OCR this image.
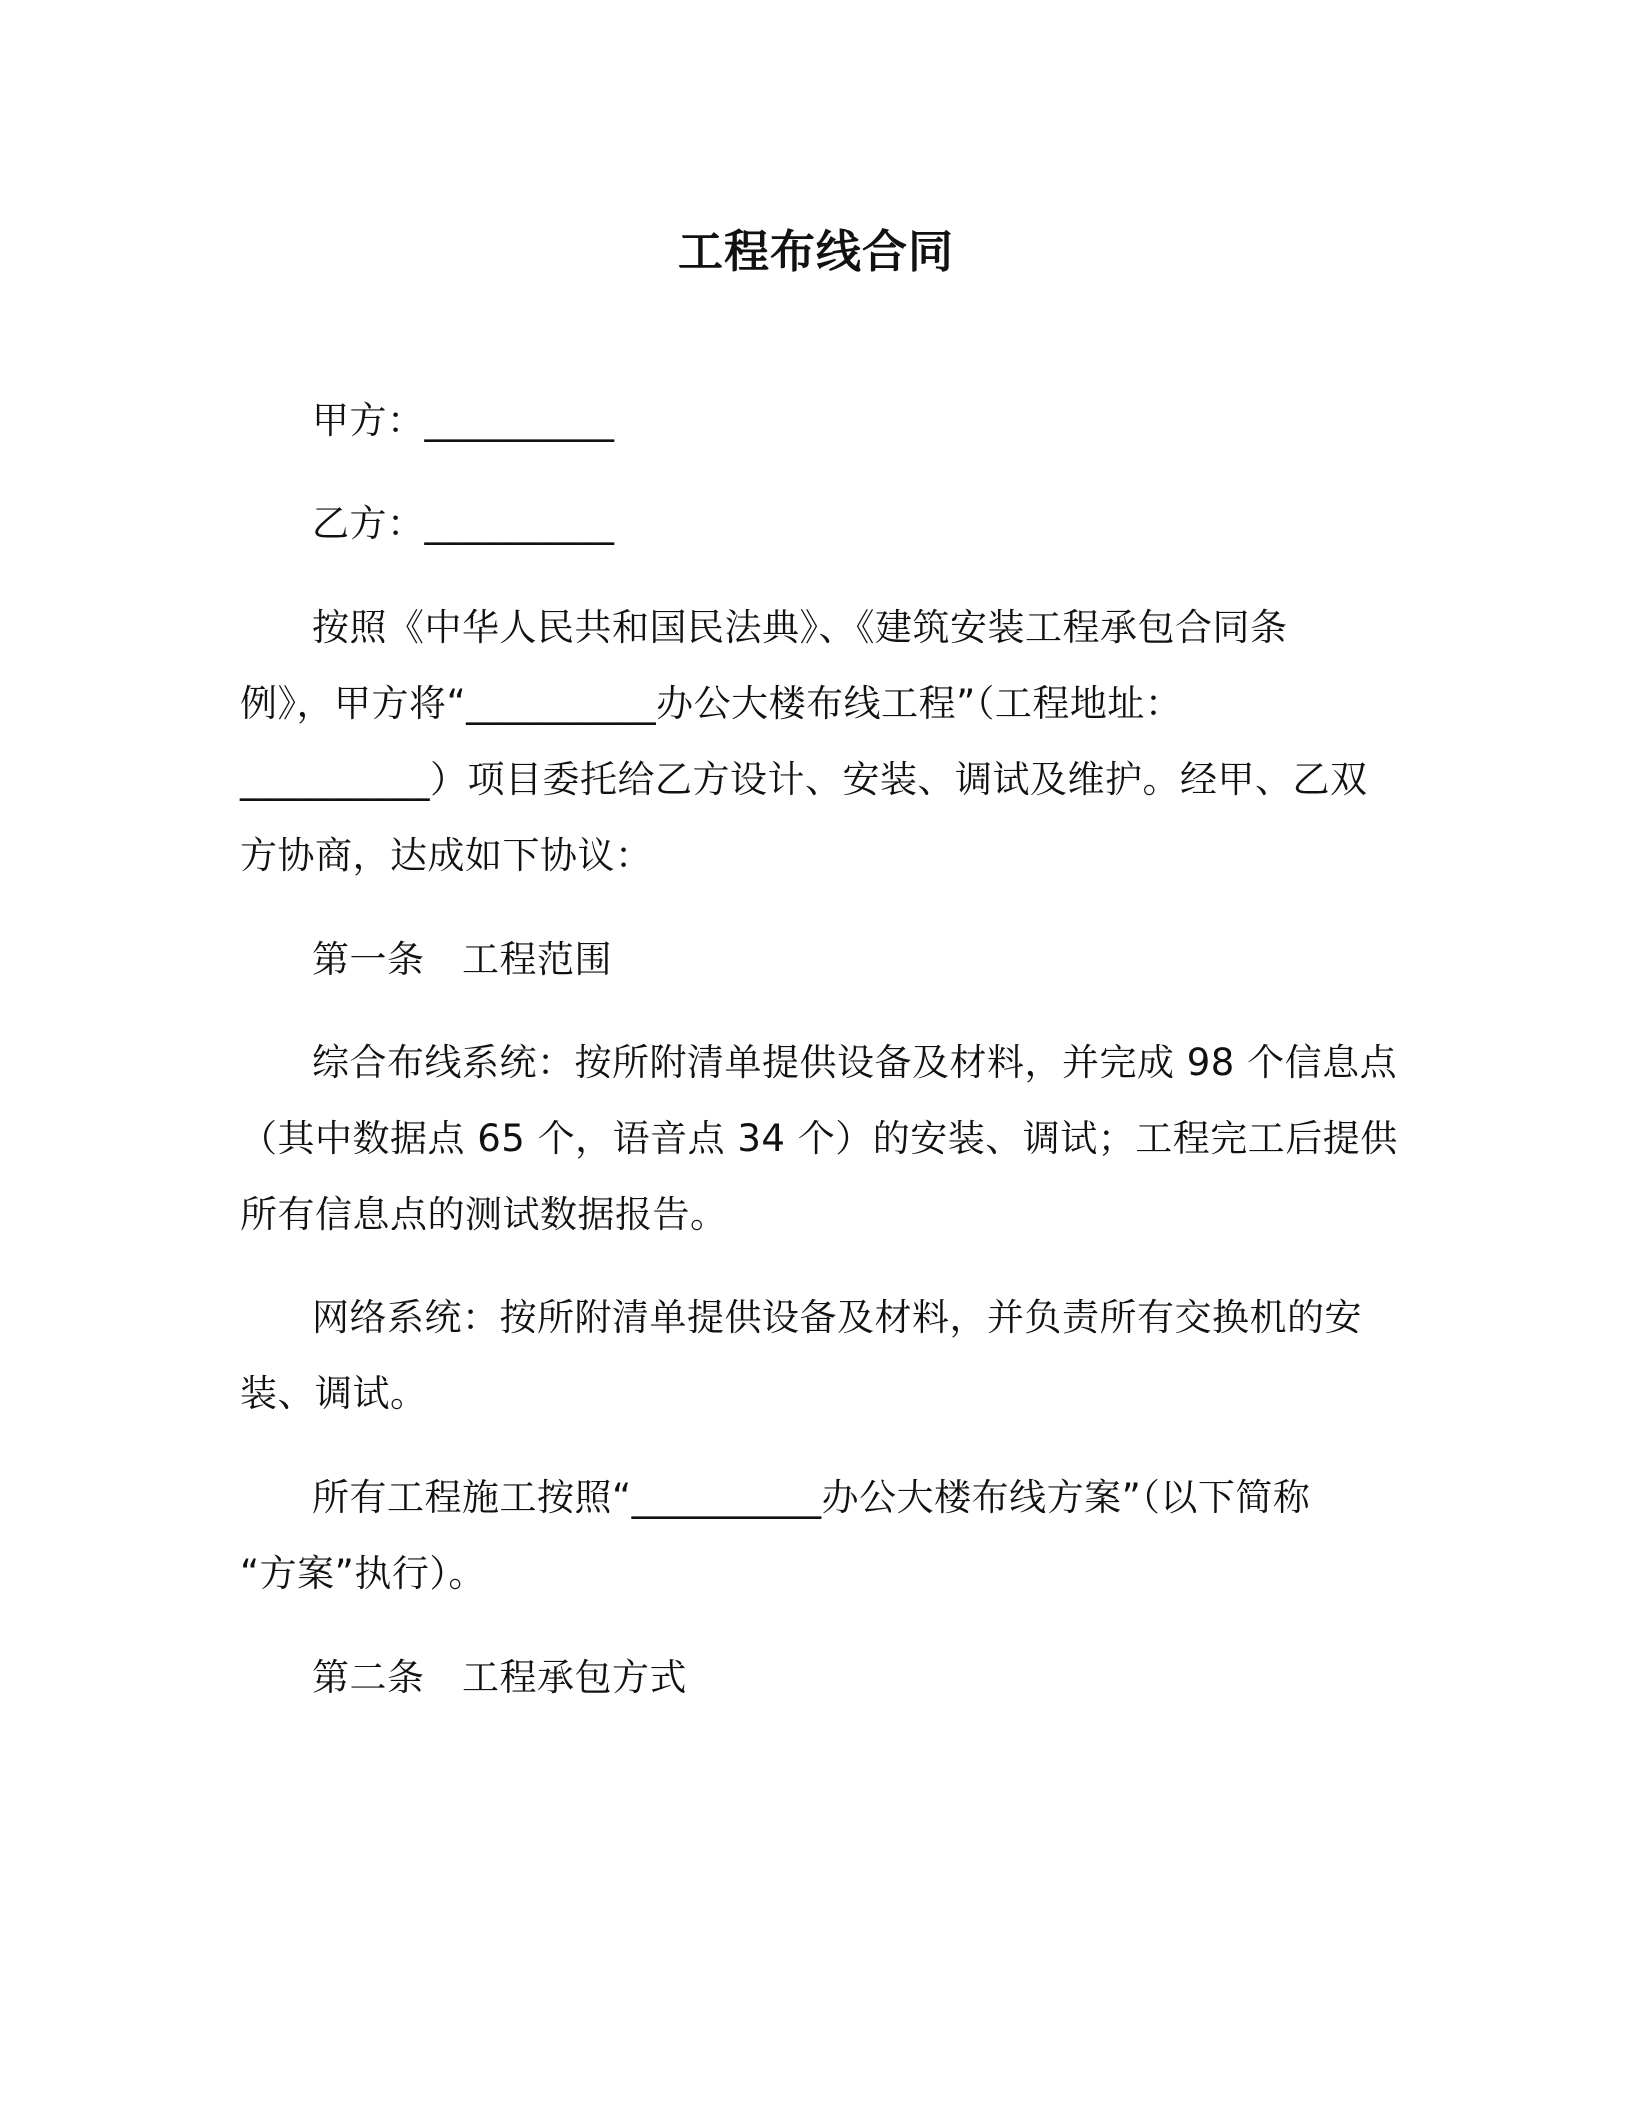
工程布线合同
甲方：__________
乙方：__________
按照《中华人民共和国民法典》、《建筑安装工程承包合同条
例》，甲方将“__________办公大楼布线工程”（工程地址：
__________）项目委托给乙方设计、安装、调试及维护。经甲、乙双
方协商，达成如下协议：
第一条　工程范围
综合布线系统：按所附清单提供设备及材料，并完成 98 个信息点
（其中数据点 65 个，语音点 34 个）的安装、调试；工程完工后提供
所有信息点的测试数据报告。
网络系统：按所附清单提供设备及材料，并负责所有交换机的安
装、调试。
所有工程施工按照“__________办公大楼布线方案”（以下简称
“方案”执行）。
第二条　工程承包方式
